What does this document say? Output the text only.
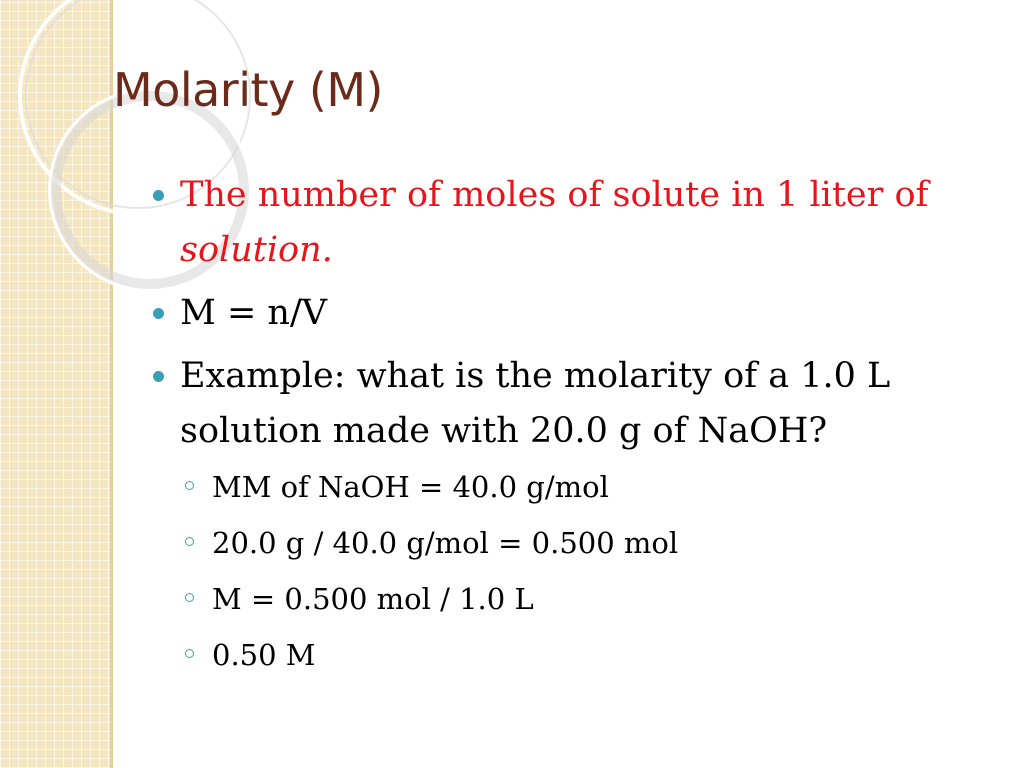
Molarity (M)
The number of moles of solute in 1 liter of solution.
M = n/V
Example: what is the molarity of a 1.0 L solution made with 20.0 g of NaOH?
MM of NaOH = 40.0 g/mol
20.0 g / 40.0 g/mol = 0.500 mol
M = 0.500 mol / 1.0 L
0.50 M
